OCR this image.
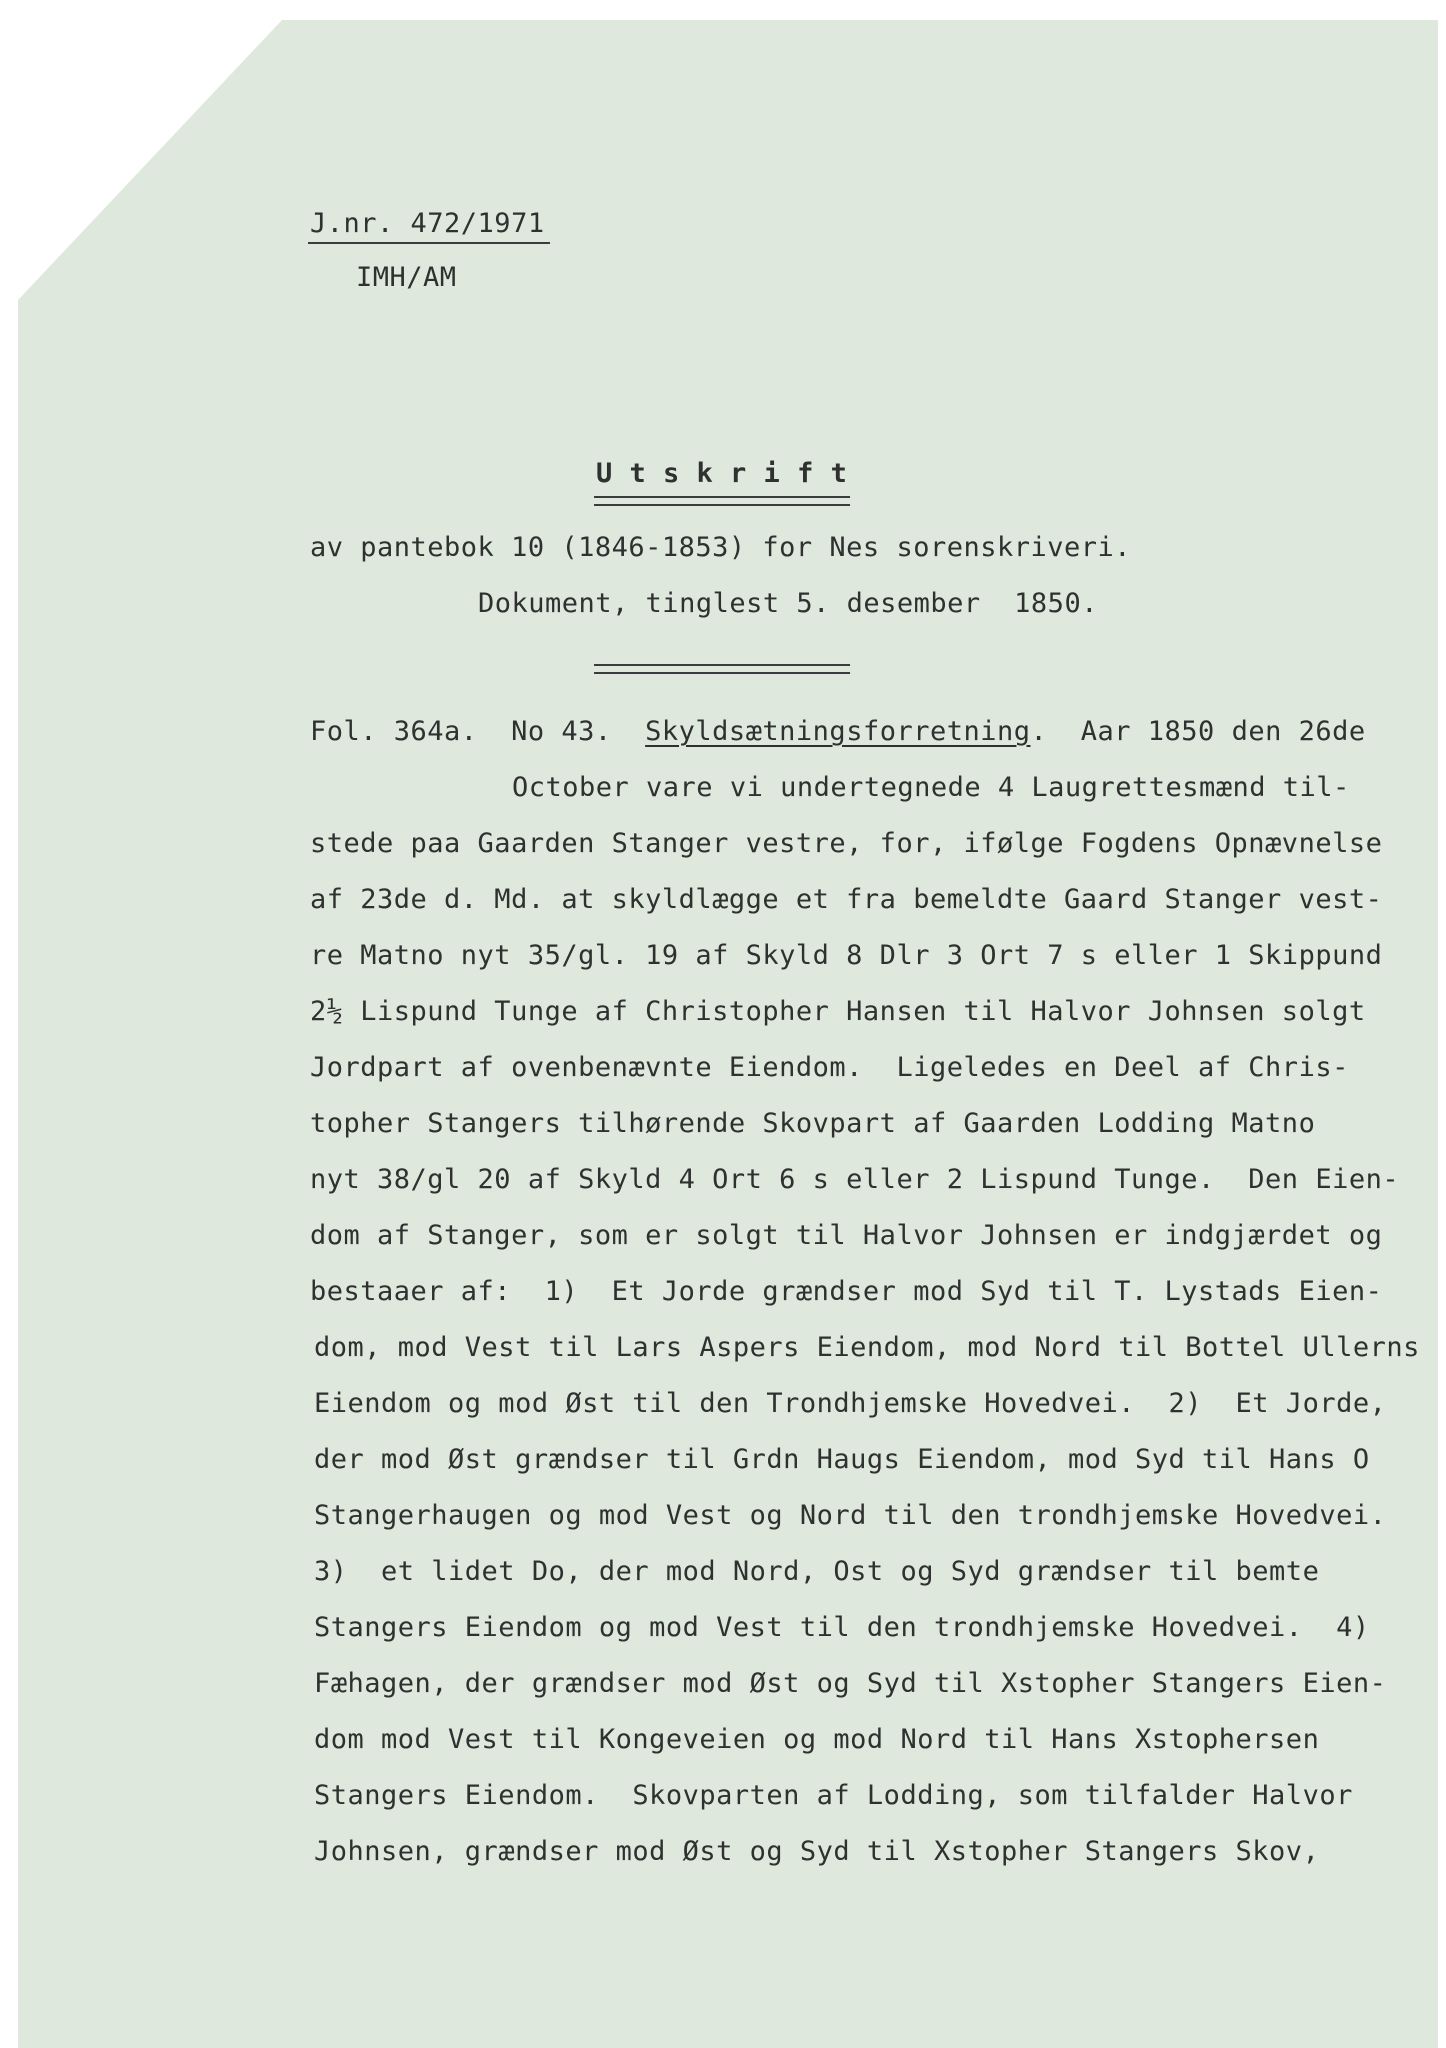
J.nr. 472/1971
IMH/AM
U t s k r i f t
av pantebok 10 (1846-1853) for Nes sorenskriveri.
Dokument, tinglest 5. desember  1850.
Fol. 364a.  No 43. Skyldsætningsforretning.  Aar 1850 den 26de
October vare vi undertegnede 4 Laugrettesmænd til-
stede paa Gaarden Stanger vestre, for, ifølge Fogdens Opnævnelse
af 23de d. Md. at skyldlægge et fra bemeldte Gaard Stanger vest-
re Matno nyt 35/gl. 19 af Skyld 8 Dlr 3 Ort 7 s eller 1 Skippund
2½ Lispund Tunge af Christopher Hansen til Halvor Johnsen solgt
Jordpart af ovenbenævnte Eiendom.  Ligeledes en Deel af Chris-
topher Stangers tilhørende Skovpart af Gaarden Lodding Matno
nyt 38/gl 20 af Skyld 4 Ort 6 s eller 2 Lispund Tunge.  Den Eien-
dom af Stanger, som er solgt til Halvor Johnsen er indgjærdet og
bestaaer af:  1)  Et Jorde grændser mod Syd til T. Lystads Eien-
dom, mod Vest til Lars Aspers Eiendom, mod Nord til Bottel Ullerns
Eiendom og mod Øst til den Trondhjemske Hovedvei.  2)  Et Jorde,
der mod Øst grændser til Grdn Haugs Eiendom, mod Syd til Hans O
Stangerhaugen og mod Vest og Nord til den trondhjemske Hovedvei.
3)  et lidet Do, der mod Nord, Ost og Syd grændser til bemte
Stangers Eiendom og mod Vest til den trondhjemske Hovedvei.  4)
Fæhagen, der grændser mod Øst og Syd til Xstopher Stangers Eien-
dom mod Vest til Kongeveien og mod Nord til Hans Xstophersen
Stangers Eiendom.  Skovparten af Lodding, som tilfalder Halvor
Johnsen, grændser mod Øst og Syd til Xstopher Stangers Skov,
